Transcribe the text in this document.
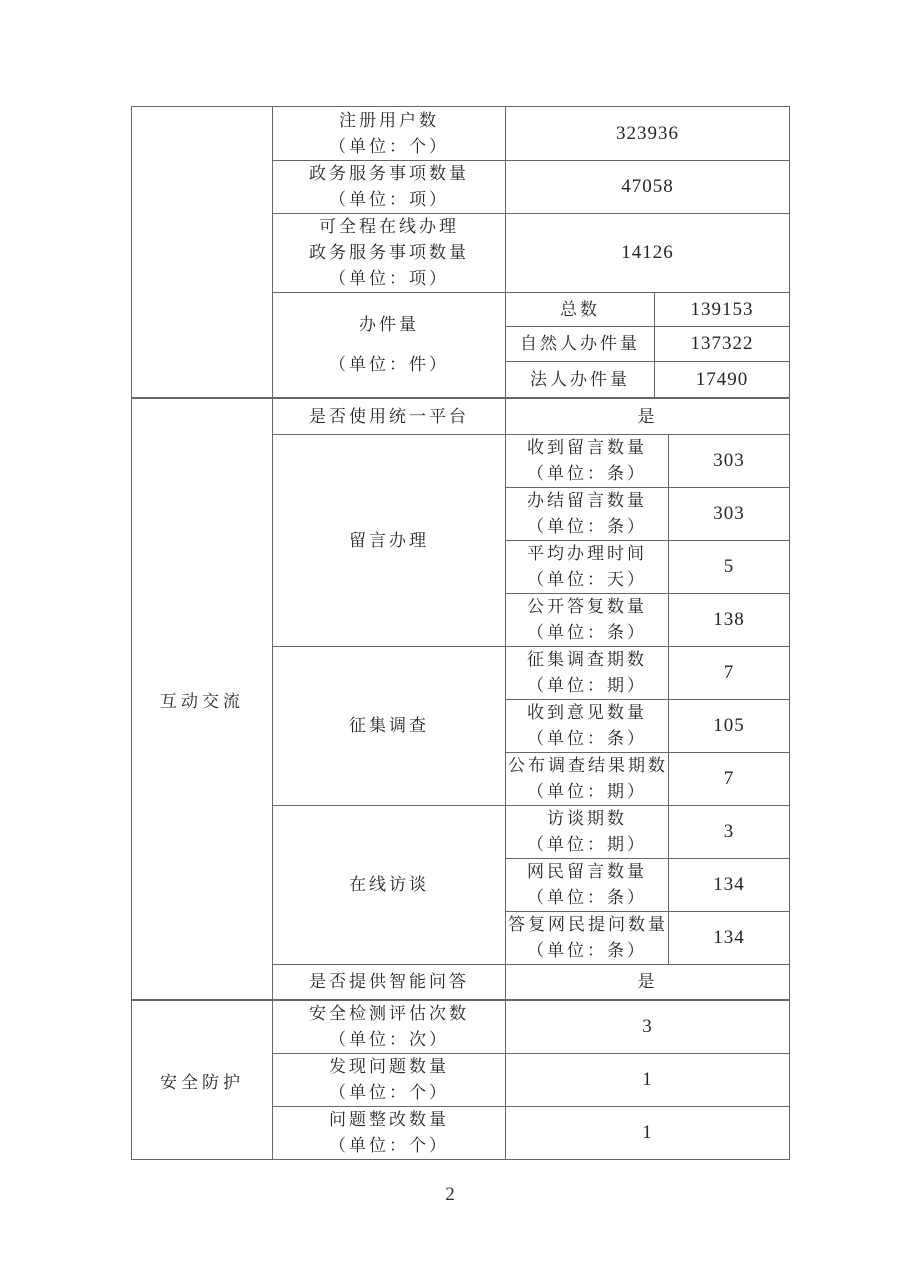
	注册用户数
（单位：个）	323936	

	政务服务事项数量
（单位：项）	47058	

	可全程在线办理
政务服务事项数量
（单位：项）	14126	

	办件量
（单位：件）	总数	139153
		自然人办件量	137322
		法人办件量	17490
互动交流	是否使用统一平台	是	
	留言办理	收到留言数量
（单位：条）	303

		办结留言数量
（单位：条）	303

		平均办理时间
（单位：天）	5

		公开答复数量
（单位：条）	138
	征集调查	征集调查期数
（单位：期）	7

		收到意见数量
（单位：条）	105

		公布调查结果期数
（单位：期）	7
	在线访谈	访谈期数
（单位：期）	3

		网民留言数量
（单位：条）	134

		答复网民提问数量
（单位：条）	134
	是否提供智能问答	是	
安全防护	安全检测评估次数
（单位：次）	3

	发现问题数量
（单位：个）	1

	问题整改数量
（单位：个）	1
2
